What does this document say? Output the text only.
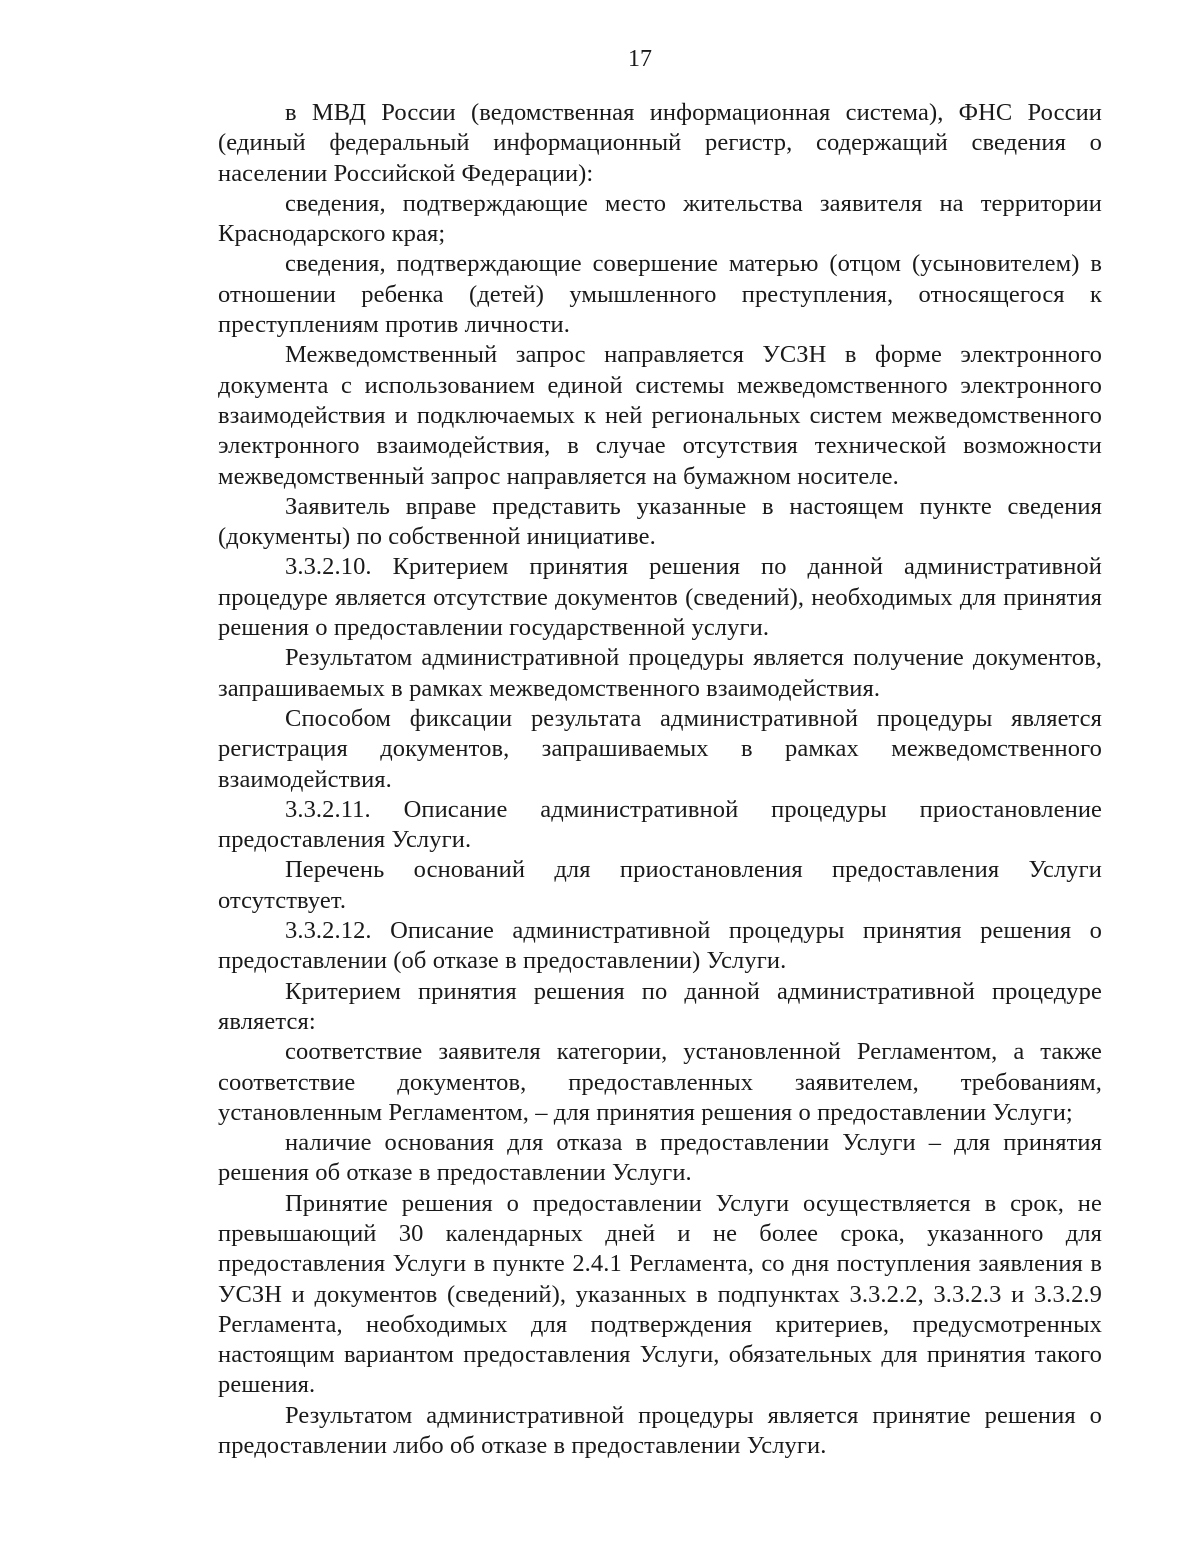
17

в МВД России (ведомственная информационная система), ФНС России (единый федеральный информационный регистр, содержащий сведения о населении Российской Федерации):

сведения, подтверждающие место жительства заявителя на территории Краснодарского края;

сведения, подтверждающие совершение матерью (отцом (усыновителем) в отношении ребенка (детей) умышленного преступления, относящегося к преступлениям против личности.

Межведомственный запрос направляется УСЗН в форме электронного документа с использованием единой системы межведомственного электронного взаимодействия и подключаемых к ней региональных систем межведомственного электронного взаимодействия, в случае отсутствия технической возможности межведомственный запрос направляется на бумажном носителе.

Заявитель вправе представить указанные в настоящем пункте сведения (документы) по собственной инициативе.

3.3.2.10. Критерием принятия решения по данной административной процедуре является отсутствие документов (сведений), необходимых для принятия решения о предоставлении государственной услуги.

Результатом административной процедуры является получение документов, запрашиваемых в рамках межведомственного взаимодействия.

Способом фиксации результата административной процедуры является регистрация документов, запрашиваемых в рамках межведомственного взаимодействия.

3.3.2.11. Описание административной процедуры приостановление предоставления Услуги.

Перечень оснований для приостановления предоставления Услуги отсутствует.

3.3.2.12. Описание административной процедуры принятия решения о предоставлении (об отказе в предоставлении) Услуги.

Критерием принятия решения по данной административной процедуре является:

соответствие заявителя категории, установленной Регламентом, а также соответствие документов, предоставленных заявителем, требованиям, установленным Регламентом, – для принятия решения о предоставлении Услуги;

наличие основания для отказа в предоставлении Услуги – для принятия решения об отказе в предоставлении Услуги.

Принятие решения о предоставлении Услуги осуществляется в срок, не превышающий 30 календарных дней и не более срока, указанного для предоставления Услуги в пункте 2.4.1 Регламента, со дня поступления заявления в УСЗН и документов (сведений), указанных в подпунктах 3.3.2.2, 3.3.2.3 и 3.3.2.9 Регламента, необходимых для подтверждения критериев, предусмотренных настоящим вариантом предоставления Услуги, обязательных для принятия такого решения.

Результатом административной процедуры является принятие решения о предоставлении либо об отказе в предоставлении Услуги.
